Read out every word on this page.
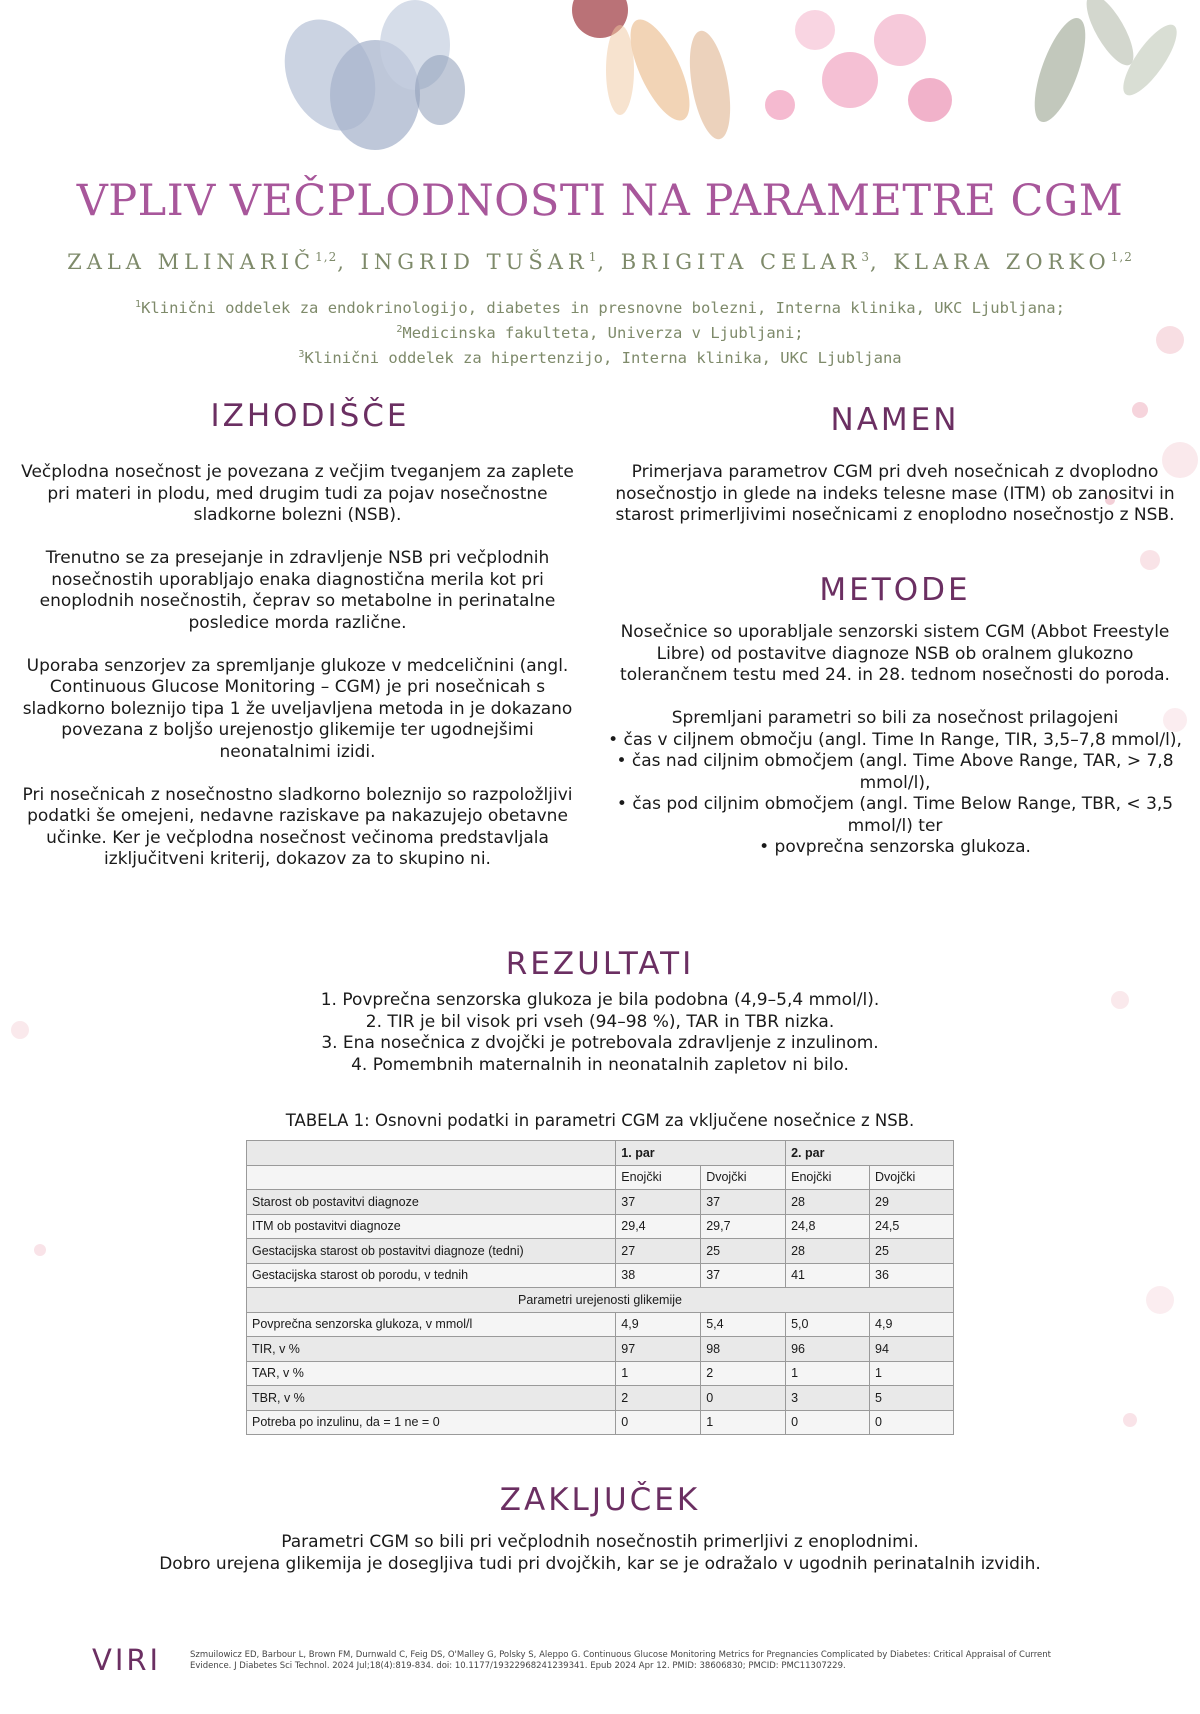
VPLIV VEČPLODNOSTI NA PARAMETRE CGM
ZALA MLINARIČ$^{1,2}$, INGRID TUŠAR$^1$, BRIGITA CELAR$^3$, KLARA ZORKO$^{1,2}$
$^1$Klinični oddelek za endokrinologijo, diabetes in presnovne bolezni, Interna klinika, UKC Ljubljana;
$^2$Medicinska fakulteta, Univerza v Ljubljani;
$^3$Klinični oddelek za hipertenzijo, Interna klinika, UKC Ljubljana
IZHODIŠČE

Večplodna nosečnost je povezana z večjim tveganjem za zaplete pri materi in plodu, med drugim tudi za pojav nosečnostne sladkorne bolezni (NSB).

Trenutno se za presejanje in zdravljenje NSB pri večplodnih nosečnostih uporabljajo enaka diagnostična merila kot pri enoplodnih nosečnostih, čeprav so metabolne in perinatalne posledice morda različne.

Uporaba senzorjev za spremljanje glukoze v medceličnini (angl. Continuous Glucose Monitoring – CGM) je pri nosečnicah s sladkorno boleznijo tipa 1 že uveljavljena metoda in je dokazano povezana z boljšo urejenostjo glikemije ter ugodnejšimi neonatalnimi izidi.

Pri nosečnicah z nosečnostno sladkorno boleznijo so razpoložljivi podatki še omejeni, nedavne raziskave pa nakazujejo obetavne učinke. Ker je večplodna nosečnost večinoma predstavljala izključitveni kriterij, dokazov za to skupino ni.

NAMEN
Primerjava parametrov CGM pri dveh nosečnicah z dvoplodno nosečnostjo in glede na indeks telesne mase (ITM) ob zanositvi in starost primerljivimi nosečnicami z enoplodno nosečnostjo z NSB.
METODE

Nosečnice so uporabljale senzorski sistem CGM (Abbot Freestyle Libre) od postavitve diagnoze NSB ob oralnem glukozno tolerančnem testu med 24. in 28. tednom nosečnosti do poroda.

Spremljani parametri so bili za nosečnost prilagojeni
• čas v ciljnem območju (angl. Time In Range, TIR, 3,5–7,8 mmol/l),
• čas nad ciljnim območjem (angl. Time Above Range, TAR, > 7,8 mmol/l),
• čas pod ciljnim območjem (angl. Time Below Range, TBR, < 3,5 mmol/l) ter
• povprečna senzorska glukoza.
REZULTATI
1. Povprečna senzorska glukoza je bila podobna (4,9–5,4 mmol/l).
2. TIR je bil visok pri vseh (94–98 %), TAR in TBR nizka.
3. Ena nosečnica z dvojčki je potrebovala zdravljenje z inzulinom.
4. Pomembnih maternalnih in neonatalnih zapletov ni bilo.
TABELA 1: Osnovni podatki in parametri CGM za vključene nosečnice z NSB.
	1. par		2. par	
	Enojčki	Dvojčki	Enojčki	Dvojčki
Starost ob postavitvi diagnoze	37	37	28	29
ITM ob postavitvi diagnoze	29,4	29,7	24,8	24,5
Gestacijska starost ob postavitvi diagnoze (tedni)	27	25	28	25
Gestacijska starost ob porodu, v tednih	38	37	41	36
Parametri urejenosti glikemije				
Povprečna senzorska glukoza, v mmol/l	4,9	5,4	5,0	4,9
TIR, v %	97	98	96	94
TAR, v %	1	2	1	1
TBR, v %	2	0	3	5
Potreba po inzulinu, da = 1 ne = 0	0	1	0	0
ZAKLJUČEK
Parametri CGM so bili pri večplodnih nosečnostih primerljivi z enoplodnimi.
Dobro urejena glikemija je dosegljiva tudi pri dvojčkih, kar se je odražalo v ugodnih perinatalnih izvidih.
VIRI	Szmuilowicz ED, Barbour L, Brown FM, Durnwald C, Feig DS, O'Malley G, Polsky S, Aleppo G. Continuous Glucose Monitoring Metrics for Pregnancies Complicated by Diabetes: Critical Appraisal of Current Evidence. J Diabetes Sci Technol. 2024 Jul;18(4):819-834. doi: 10.1177/19322968241239341. Epub 2024 Apr 12. PMID: 38606830; PMCID: PMC11307229.
